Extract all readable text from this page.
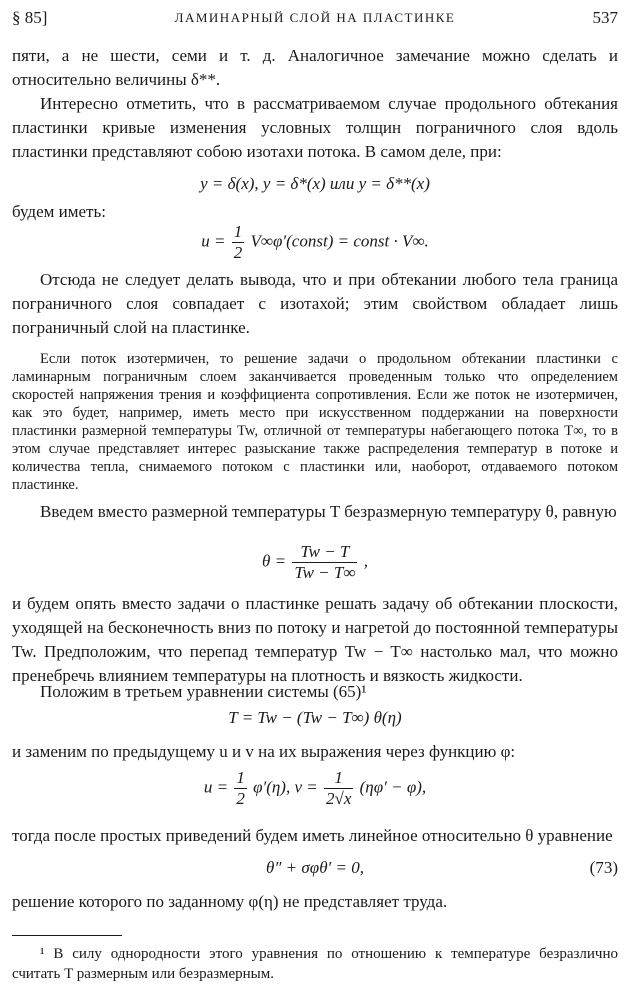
§ 85]	ЛАМИНАРНЫЙ СЛОЙ НА ПЛАСТИНКЕ	537

пяти, а не шести, семи и т. д. Аналогичное замечание можно сделать и относительно величины δ**.

Интересно отметить, что в рассматриваемом случае продольного обтекания пластинки кривые изменения условных толщин пограничного слоя вдоль пластинки представляют собою изотахи потока. В самом деле, при:

y = δ(x), y = δ*(x) или y = δ**(x)

будем иметь:

$u = \frac{1}{2}$ V∞φ′(const) = const · V∞.

Отсюда не следует делать вывода, что и при обтекании любого тела граница пограничного слоя совпадает с изотахой; этим свойством обладает лишь пограничный слой на пластинке.

Если поток изотермичен, то решение задачи о продольном обтекании пластинки с ламинарным пограничным слоем заканчивается проведенным только что определением скоростей напряжения трения и коэффициента сопротивления. Если же поток не изотермичен, как это будет, например, иметь место при искусственном поддержании на поверхности пластинки размерной температуры Tw, отличной от температуры набегающего потока T∞, то в этом случае представляет интерес разыскание также распределения температур в потоке и количества тепла, снимаемого потоком с пластинки или, наоборот, отдаваемого потоком пластинке.

Введем вместо размерной температуры T безразмерную температуру θ, равную

$\theta = \frac{Tw - T}{Tw - T\infty}$ ,

и будем опять вместо задачи о пластинке решать задачу об обтекании плоскости, уходящей на бесконечность вниз по потоку и нагретой до постоянной температуры Tw. Предположим, что перепад температур Tw − T∞ настолько мал, что можно пренебречь влиянием температуры на плотность и вязкость жидкости.

Положим в третьем уравнении системы (65)¹

T = Tw − (Tw − T∞) θ(η)

и заменим по предыдущему u и v на их выражения через функцию φ:

$u = \frac{1}{2} \varphi'(\eta)$, $v = \frac{1}{2√x} (\eta\varphi' - \varphi)$,

тогда после простых приведений будем иметь линейное относительно θ уравнение

θ″ + σφθ′ = 0,	(73)

решение которого по заданному φ(η) не представляет труда.

¹ В силу однородности этого уравнения по отношению к температуре безразлично считать T размерным или безразмерным.
